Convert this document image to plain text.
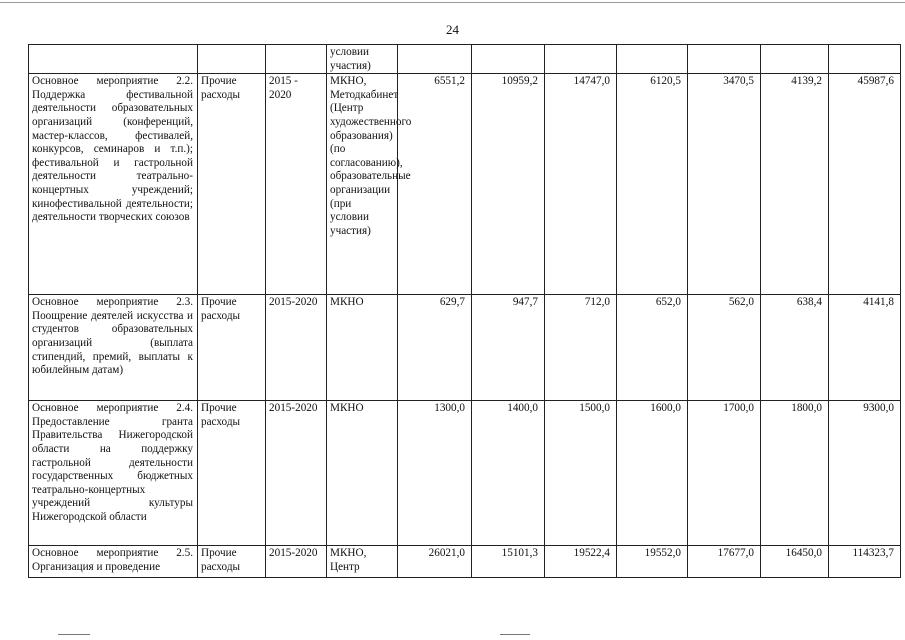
24
			условии участия)							
Основное мероприятие 2.2. Поддержка фестивальной деятельности образовательных организаций (конференций, мастер-классов, фестивалей, конкурсов, семинаров и т.п.); фестивальной и гастрольной деятельности театрально-концертных учреждений; кинофестивальной деятельности; деятельности творческих союзов	Прочие расходы	2015 - 2020	МКНО, Методкабинет (Центр художественного образования) (по согласованию), образовательные организации (при условии участия)	6551,2	10959,2	14747,0	6120,5	3470,5	4139,2	45987,6
Основное мероприятие 2.3. Поощрение деятелей искусства и студентов образовательных организаций (выплата стипендий, премий, выплаты к юбилейным датам)	Прочие расходы	2015-2020	МКНО	629,7	947,7	712,0	652,0	562,0	638,4	4141,8
Основное мероприятие 2.4. Предоставление гранта Правительства Нижегородской области на поддержку гастрольной деятельности государственных бюджетных театрально-концертных учреждений культуры Нижегородской области	Прочие расходы	2015-2020	МКНО	1300,0	1400,0	1500,0	1600,0	1700,0	1800,0	9300,0
Основное мероприятие 2.5. Организация и проведение	Прочие расходы	2015-2020	МКНО, Центр	26021,0	15101,3	19522,4	19552,0	17677,0	16450,0	114323,7
